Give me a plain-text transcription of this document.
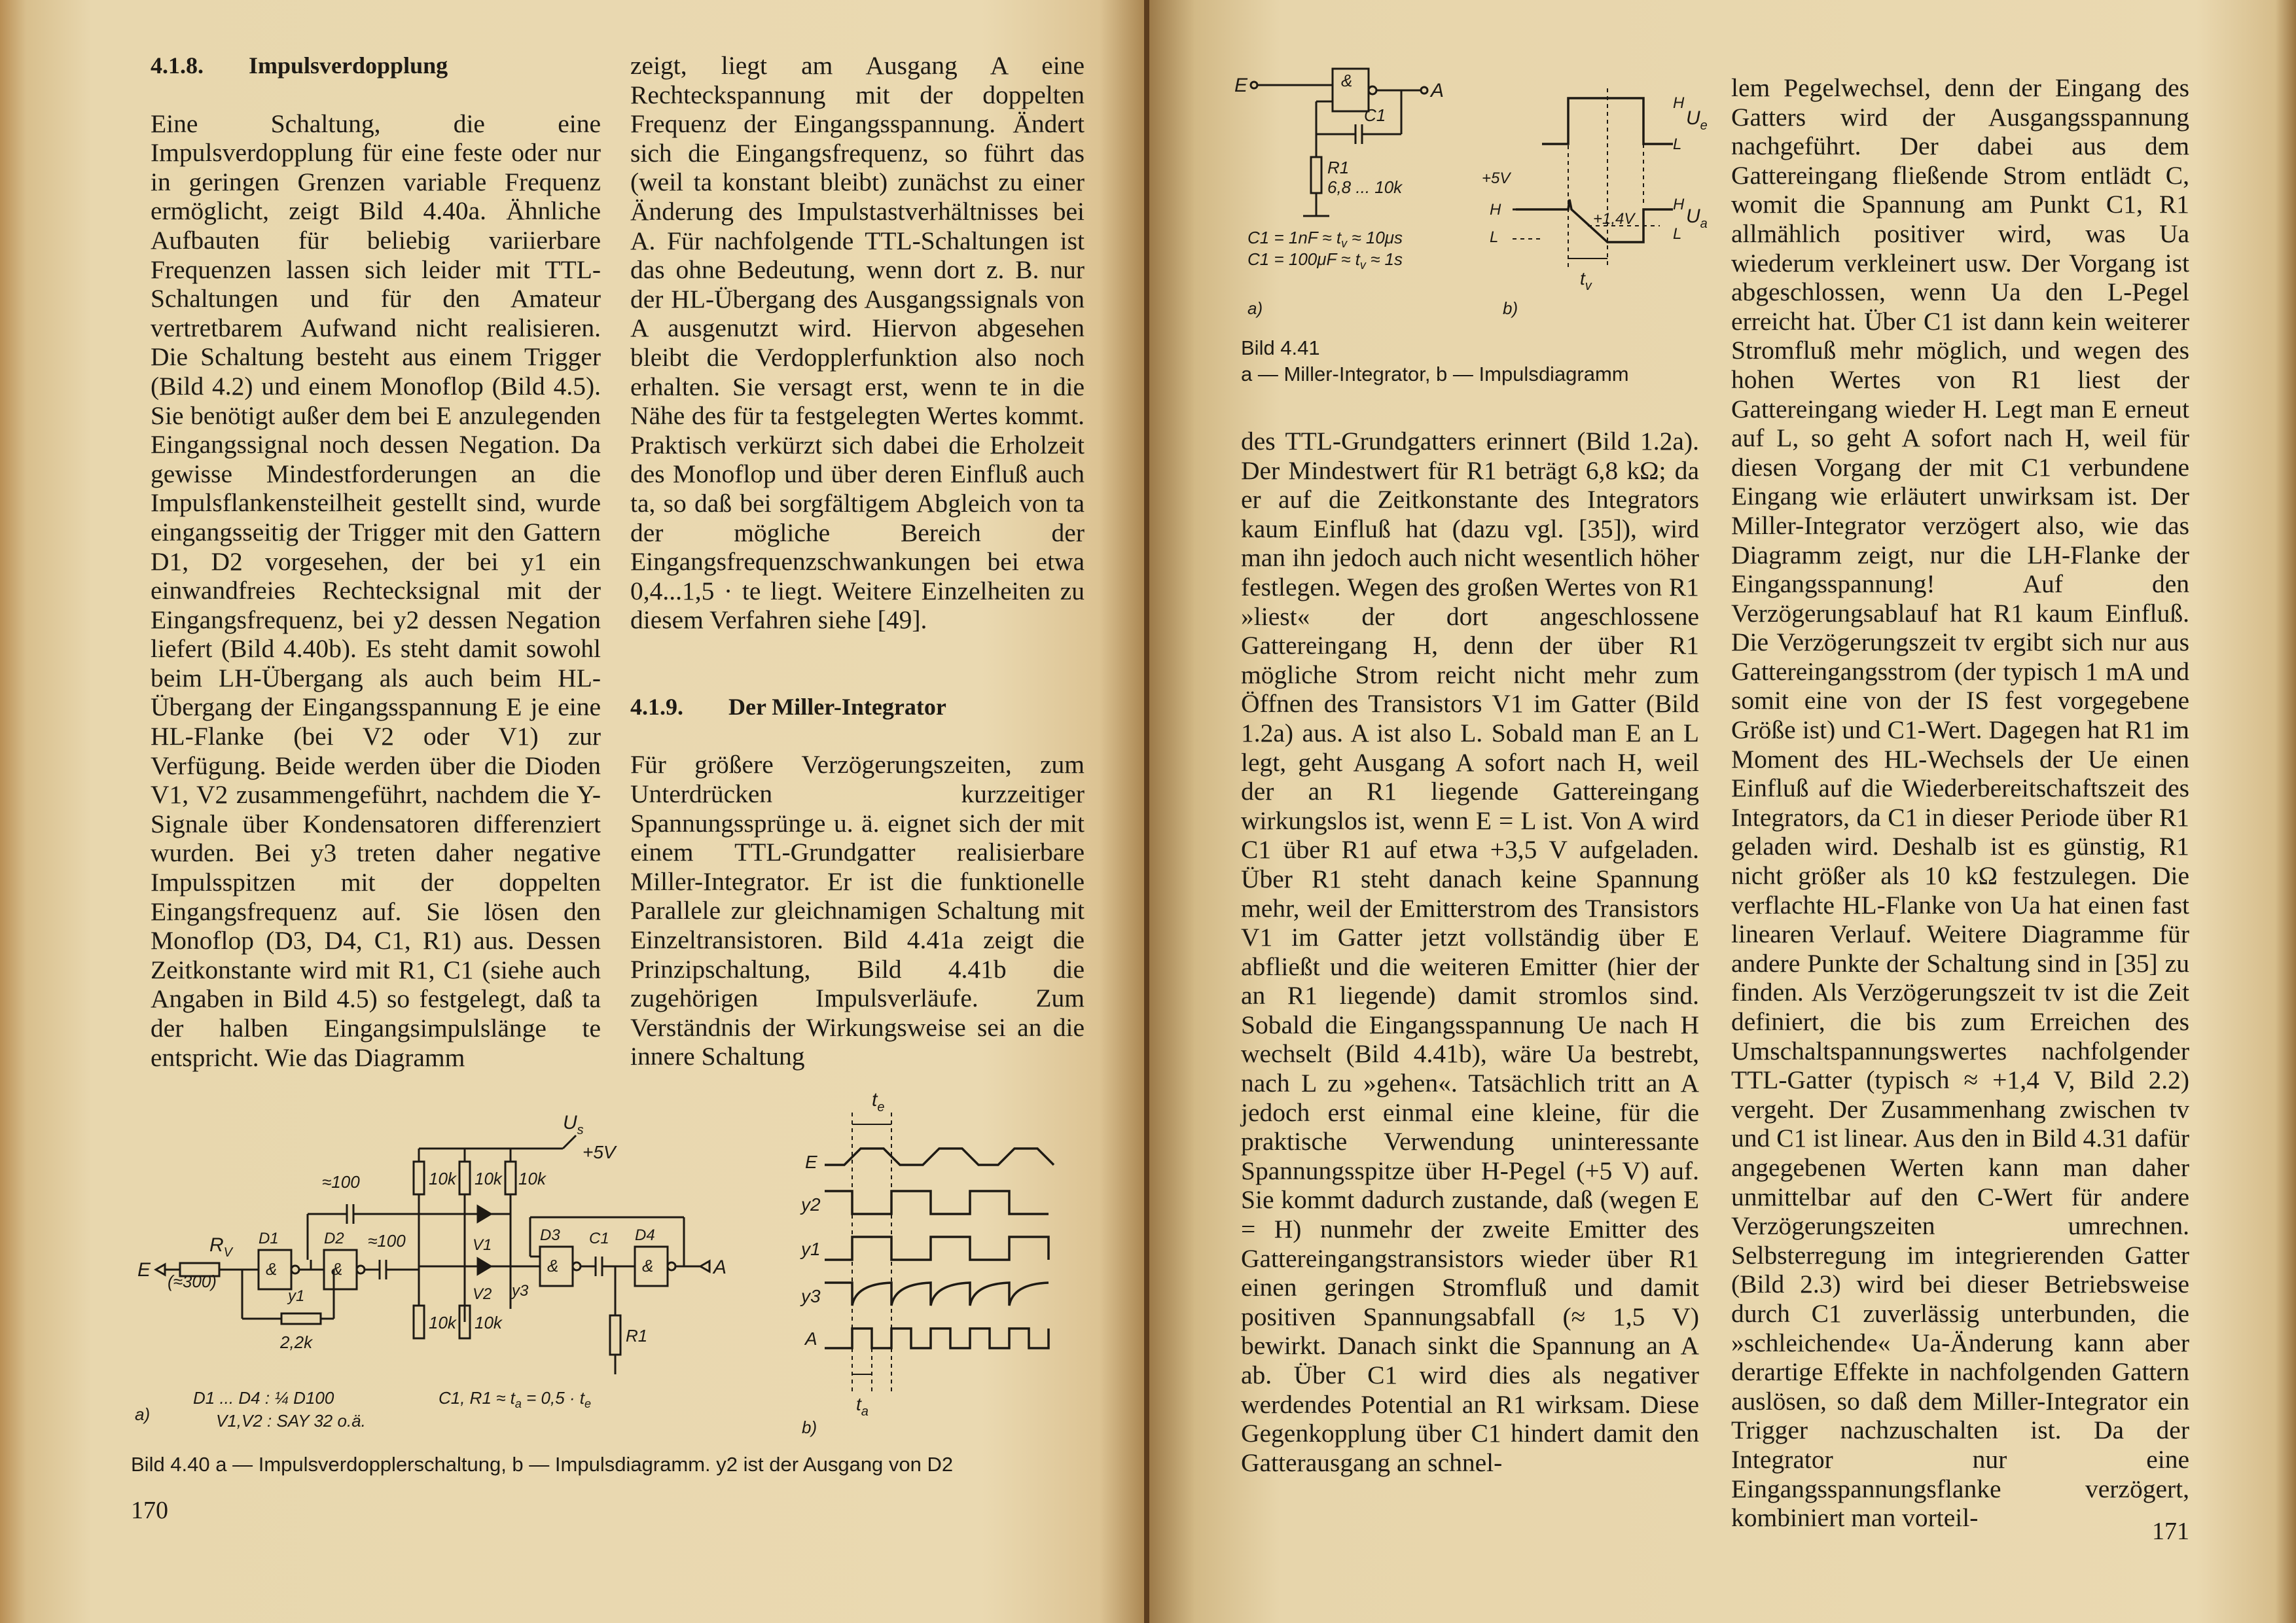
4.1.8. Impulsverdopplung

Eine Schaltung, die eine Impulsverdopplung für eine feste oder nur in geringen Grenzen variable Frequenz ermöglicht, zeigt Bild 4.40a. Ähnliche Aufbauten für beliebig variierbare Frequenzen lassen sich leider mit TTL-Schaltungen und für den Amateur vertretbarem Aufwand nicht realisieren. Die Schaltung besteht aus einem Trigger (Bild 4.2) und einem Monoflop (Bild 4.5). Sie benötigt außer dem bei E anzulegenden Eingangssignal noch dessen Negation. Da gewisse Mindestforderungen an die Impulsflankensteilheit gestellt sind, wurde eingangsseitig der Trigger mit den Gattern D1, D2 vorgesehen, der bei y1 ein einwandfreies Rechtecksignal mit der Eingangsfrequenz, bei y2 dessen Negation liefert (Bild 4.40b). Es steht damit sowohl beim LH-Übergang als auch beim HL-Übergang der Eingangsspannung E je eine HL-Flanke (bei V2 oder V1) zur Verfügung. Beide werden über die Dioden V1, V2 zusammengeführt, nachdem die Y-Signale über Kondensatoren differenziert wurden. Bei y3 treten daher negative Impulsspitzen mit der doppelten Eingangsfrequenz auf. Sie lösen den Monoflop (D3, D4, C1, R1) aus. Dessen Zeitkonstante wird mit R1, C1 (siehe auch Angaben in Bild 4.5) so festgelegt, daß ta der halben Eingangsimpulslänge te entspricht. Wie das Diagramm

zeigt, liegt am Ausgang A eine Rechteckspannung mit der doppelten Frequenz der Eingangsspannung. Ändert sich die Eingangsfrequenz, so führt das (weil ta konstant bleibt) zunächst zu einer Änderung des Impulstastverhältnisses bei A. Für nachfolgende TTL-Schaltungen ist das ohne Bedeutung, wenn dort z. B. nur der HL-Übergang des Ausgangssignals von A ausgenutzt wird. Hiervon abgesehen bleibt die Verdopplerfunktion also noch erhalten. Sie versagt erst, wenn te in die Nähe des für ta festgelegten Wertes kommt. Praktisch verkürzt sich dabei die Erholzeit des Monoflop und über deren Einfluß auch ta, so daß bei sorgfältigem Abgleich von ta der mögliche Bereich der Eingangsfrequenzschwankungen bei etwa 0,4...1,5 · te liegt. Weitere Einzelheiten zu diesem Verfahren siehe [49].

4.1.9. Der Miller-Integrator

Für größere Verzögerungszeiten, zum Unterdrücken kurzzeitiger Spannungssprünge u. ä. eignet sich der mit einem TTL-Grundgatter realisierbare Miller-Integrator. Er ist die funktionelle Parallele zur gleichnamigen Schaltung mit Einzeltransistoren. Bild 4.41a zeigt die Prinzipschaltung, Bild 4.41b die zugehörigen Impulsverläufe. Zum Verständnis der Wirkungsweise sei an die innere Schaltung

$U_s$
+5V
10k 10k 10k
≈100
V1
V2 y3
$R_V$
(≈300)
E
2,2k
D1
&
y1
D2
&
≈100
10k 10k
D3
&
C1
R1
D4
&	A
D1 ... D4 : ¼ D100
V1,V2 : SAY 32 o.ä.
C1, $R1 \approx t_a = 0,5 \cdot t_e$
a)
$t_e$
E
y2
y1
y3
A
$t_a$
b)
Bild 4.40 a — Impulsverdopplerschaltung, b — Impulsdiagramm. y2 ist der Ausgang von D2
170
E	&	A
C1
R1
6,8 ... 10k
$C1 = 1nF \approx t_v \approx 10\mu s$
$C1 = 100\mu F \approx t_v \approx 1s$
a)
H
$U_e$
L
+5V
H
L
+1,4V
H
$U_a$
L
$t_v$
b)
Bild 4.41
a — Miller-Integrator, b — Impulsdiagramm

des TTL-Grundgatters erinnert (Bild 1.2a). Der Mindestwert für R1 beträgt 6,8 kΩ; da er auf die Zeitkonstante des Integrators kaum Einfluß hat (dazu vgl. [35]), wird man ihn jedoch auch nicht wesentlich höher festlegen. Wegen des großen Wertes von R1 »liest« der dort angeschlossene Gattereingang H, denn der über R1 mögliche Strom reicht nicht mehr zum Öffnen des Transistors V1 im Gatter (Bild 1.2a) aus. A ist also L. Sobald man E an L legt, geht Ausgang A sofort nach H, weil der an R1 liegende Gattereingang wirkungslos ist, wenn E = L ist. Von A wird C1 über R1 auf etwa +3,5 V aufgeladen. Über R1 steht danach keine Spannung mehr, weil der Emitterstrom des Transistors V1 im Gatter jetzt vollständig über E abfließt und die weiteren Emitter (hier der an R1 liegende) damit stromlos sind. Sobald die Eingangsspannung Ue nach H wechselt (Bild 4.41b), wäre Ua bestrebt, nach L zu »gehen«. Tatsächlich tritt an A jedoch erst einmal eine kleine, für die praktische Verwendung uninteressante Spannungsspitze über H-Pegel (+5 V) auf. Sie kommt dadurch zustande, daß (wegen E = H) nunmehr der zweite Emitter des Gattereingangstransistors wieder über R1 einen geringen Stromfluß und damit positiven Spannungsabfall (≈ 1,5 V) bewirkt. Danach sinkt die Spannung an A ab. Über C1 wird dies als negativer werdendes Potential an R1 wirksam. Diese Gegenkopplung über C1 hindert damit den Gatterausgang an schnel-

lem Pegelwechsel, denn der Eingang des Gatters wird der Ausgangsspannung nachgeführt. Der dabei aus dem Gattereingang fließende Strom entlädt C, womit die Spannung am Punkt C1, R1 allmählich positiver wird, was Ua wiederum verkleinert usw. Der Vorgang ist abgeschlossen, wenn Ua den L-Pegel erreicht hat. Über C1 ist dann kein weiterer Stromfluß mehr möglich, und wegen des hohen Wertes von R1 liest der Gattereingang wieder H. Legt man E erneut auf L, so geht A sofort nach H, weil für diesen Vorgang der mit C1 verbundene Eingang wie erläutert unwirksam ist. Der Miller-Integrator verzögert also, wie das Diagramm zeigt, nur die LH-Flanke der Eingangsspannung! Auf den Verzögerungsablauf hat R1 kaum Einfluß. Die Verzögerungszeit tv ergibt sich nur aus Gattereingangsstrom (der typisch 1 mA und somit eine von der IS fest vorgegebene Größe ist) und C1-Wert. Dagegen hat R1 im Moment des HL-Wechsels der Ue einen Einfluß auf die Wiederbereitschaftszeit des Integrators, da C1 in dieser Periode über R1 geladen wird. Deshalb ist es günstig, R1 nicht größer als 10 kΩ festzulegen. Die verflachte HL-Flanke von Ua hat einen fast linearen Verlauf. Weitere Diagramme für andere Punkte der Schaltung sind in [35] zu finden. Als Verzögerungszeit tv ist die Zeit definiert, die bis zum Erreichen des Umschaltspannungswertes nachfolgender TTL-Gatter (typisch ≈ +1,4 V, Bild 2.2) vergeht. Der Zusammenhang zwischen tv und C1 ist linear. Aus den in Bild 4.31 dafür angegebenen Werten kann man daher unmittelbar auf den C-Wert für andere Verzögerungszeiten umrechnen. Selbsterregung im integrierenden Gatter (Bild 2.3) wird bei dieser Betriebsweise durch C1 zuverlässig unterbunden, die »schleichende« Ua-Änderung kann aber derartige Effekte in nachfolgenden Gattern auslösen, so daß dem Miller-Integrator ein Trigger nachzuschalten ist. Da der Integrator nur eine Eingangsspannungsflanke verzögert, kombiniert man vorteil-	171
